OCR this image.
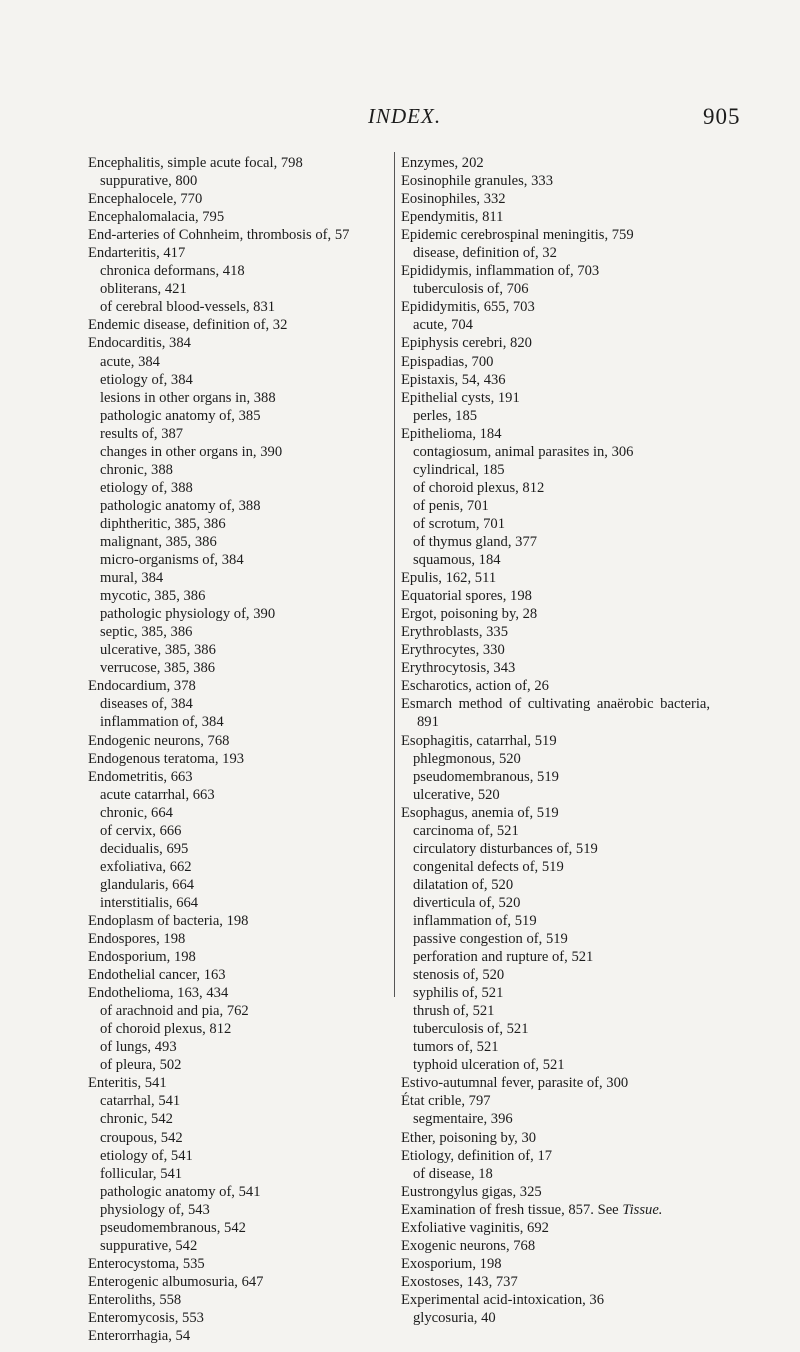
INDEX.	905
Encephalitis, simple acute focal, 798
suppurative, 800
Encephalocele, 770
Encephalomalacia, 795
End-arteries of Cohnheim, thrombosis of, 57
Endarteritis, 417
chronica deformans, 418
obliterans, 421
of cerebral blood-vessels, 831
Endemic disease, definition of, 32
Endocarditis, 384
acute, 384
etiology of, 384
lesions in other organs in, 388
pathologic anatomy of, 385
results of, 387
changes in other organs in, 390
chronic, 388
etiology of, 388
pathologic anatomy of, 388
diphtheritic, 385, 386
malignant, 385, 386
micro-organisms of, 384
mural, 384
mycotic, 385, 386
pathologic physiology of, 390
septic, 385, 386
ulcerative, 385, 386
verrucose, 385, 386
Endocardium, 378
diseases of, 384
inflammation of, 384
Endogenic neurons, 768
Endogenous teratoma, 193
Endometritis, 663
acute catarrhal, 663
chronic, 664
of cervix, 666
decidualis, 695
exfoliativa, 662
glandularis, 664
interstitialis, 664
Endoplasm of bacteria, 198
Endospores, 198
Endosporium, 198
Endothelial cancer, 163
Endothelioma, 163, 434
of arachnoid and pia, 762
of choroid plexus, 812
of lungs, 493
of pleura, 502
Enteritis, 541
catarrhal, 541
chronic, 542
croupous, 542
etiology of, 541
follicular, 541
pathologic anatomy of, 541
physiology of, 543
pseudomembranous, 542
suppurative, 542
Enterocystoma, 535
Enterogenic albumosuria, 647
Enteroliths, 558
Enteromycosis, 553
Enterorrhagia, 54
Enzymes, 202
Eosinophile granules, 333
Eosinophiles, 332
Ependymitis, 811
Epidemic cerebrospinal meningitis, 759
disease, definition of, 32
Epididymis, inflammation of, 703
tuberculosis of, 706
Epididymitis, 655, 703
acute, 704
Epiphysis cerebri, 820
Epispadias, 700
Epistaxis, 54, 436
Epithelial cysts, 191
perles, 185
Epithelioma, 184
contagiosum, animal parasites in, 306
cylindrical, 185
of choroid plexus, 812
of penis, 701
of scrotum, 701
of thymus gland, 377
squamous, 184
Epulis, 162, 511
Equatorial spores, 198
Ergot, poisoning by, 28
Erythroblasts, 335
Erythrocytes, 330
Erythrocytosis, 343
Escharotics, action of, 26
Esmarch method of cultivating anaërobic bacteria, 891
Esophagitis, catarrhal, 519
phlegmonous, 520
pseudomembranous, 519
ulcerative, 520
Esophagus, anemia of, 519
carcinoma of, 521
circulatory disturbances of, 519
congenital defects of, 519
dilatation of, 520
diverticula of, 520
inflammation of, 519
passive congestion of, 519
perforation and rupture of, 521
stenosis of, 520
syphilis of, 521
thrush of, 521
tuberculosis of, 521
tumors of, 521
typhoid ulceration of, 521
Estivo-autumnal fever, parasite of, 300
État crible, 797
segmentaire, 396
Ether, poisoning by, 30
Etiology, definition of, 17
of disease, 18
Eustrongylus gigas, 325
Examination of fresh tissue, 857. See Tissue.
Exfoliative vaginitis, 692
Exogenic neurons, 768
Exosporium, 198
Exostoses, 143, 737
Experimental acid-intoxication, 36
glycosuria, 40
